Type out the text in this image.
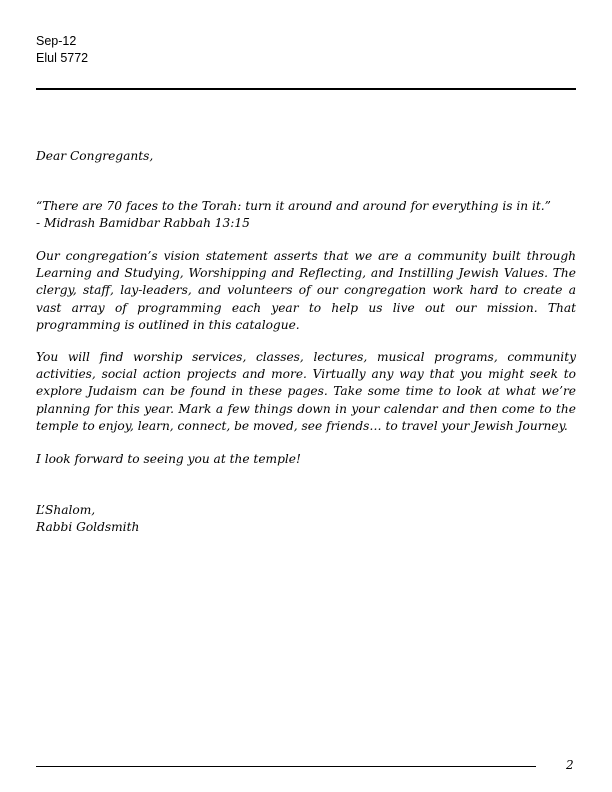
Sep-12
Elul 5772
Dear Congregants,
“There are 70 faces to the Torah: turn it around and around for everything is in it.”
- Midrash Bamidbar Rabbah 13:15
Our congregation’s vision statement asserts that we are a community built through Learning and Studying, Worshipping and Reflecting, and Instilling Jewish Values. The clergy, staff, lay-leaders, and volunteers of our congregation work hard to create a vast array of programming each year to help us live out our mission. That programming is outlined in this catalogue.
You will find worship services, classes, lectures, musical programs, community activities, social action projects and more. Virtually any way that you might seek to explore Judaism can be found in these pages. Take some time to look at what we’re planning for this year. Mark a few things down in your calendar and then come to the temple to enjoy, learn, connect, be moved, see friends… to travel your Jewish Journey.
I look forward to seeing you at the temple!
L’Shalom,
Rabbi Goldsmith
2
